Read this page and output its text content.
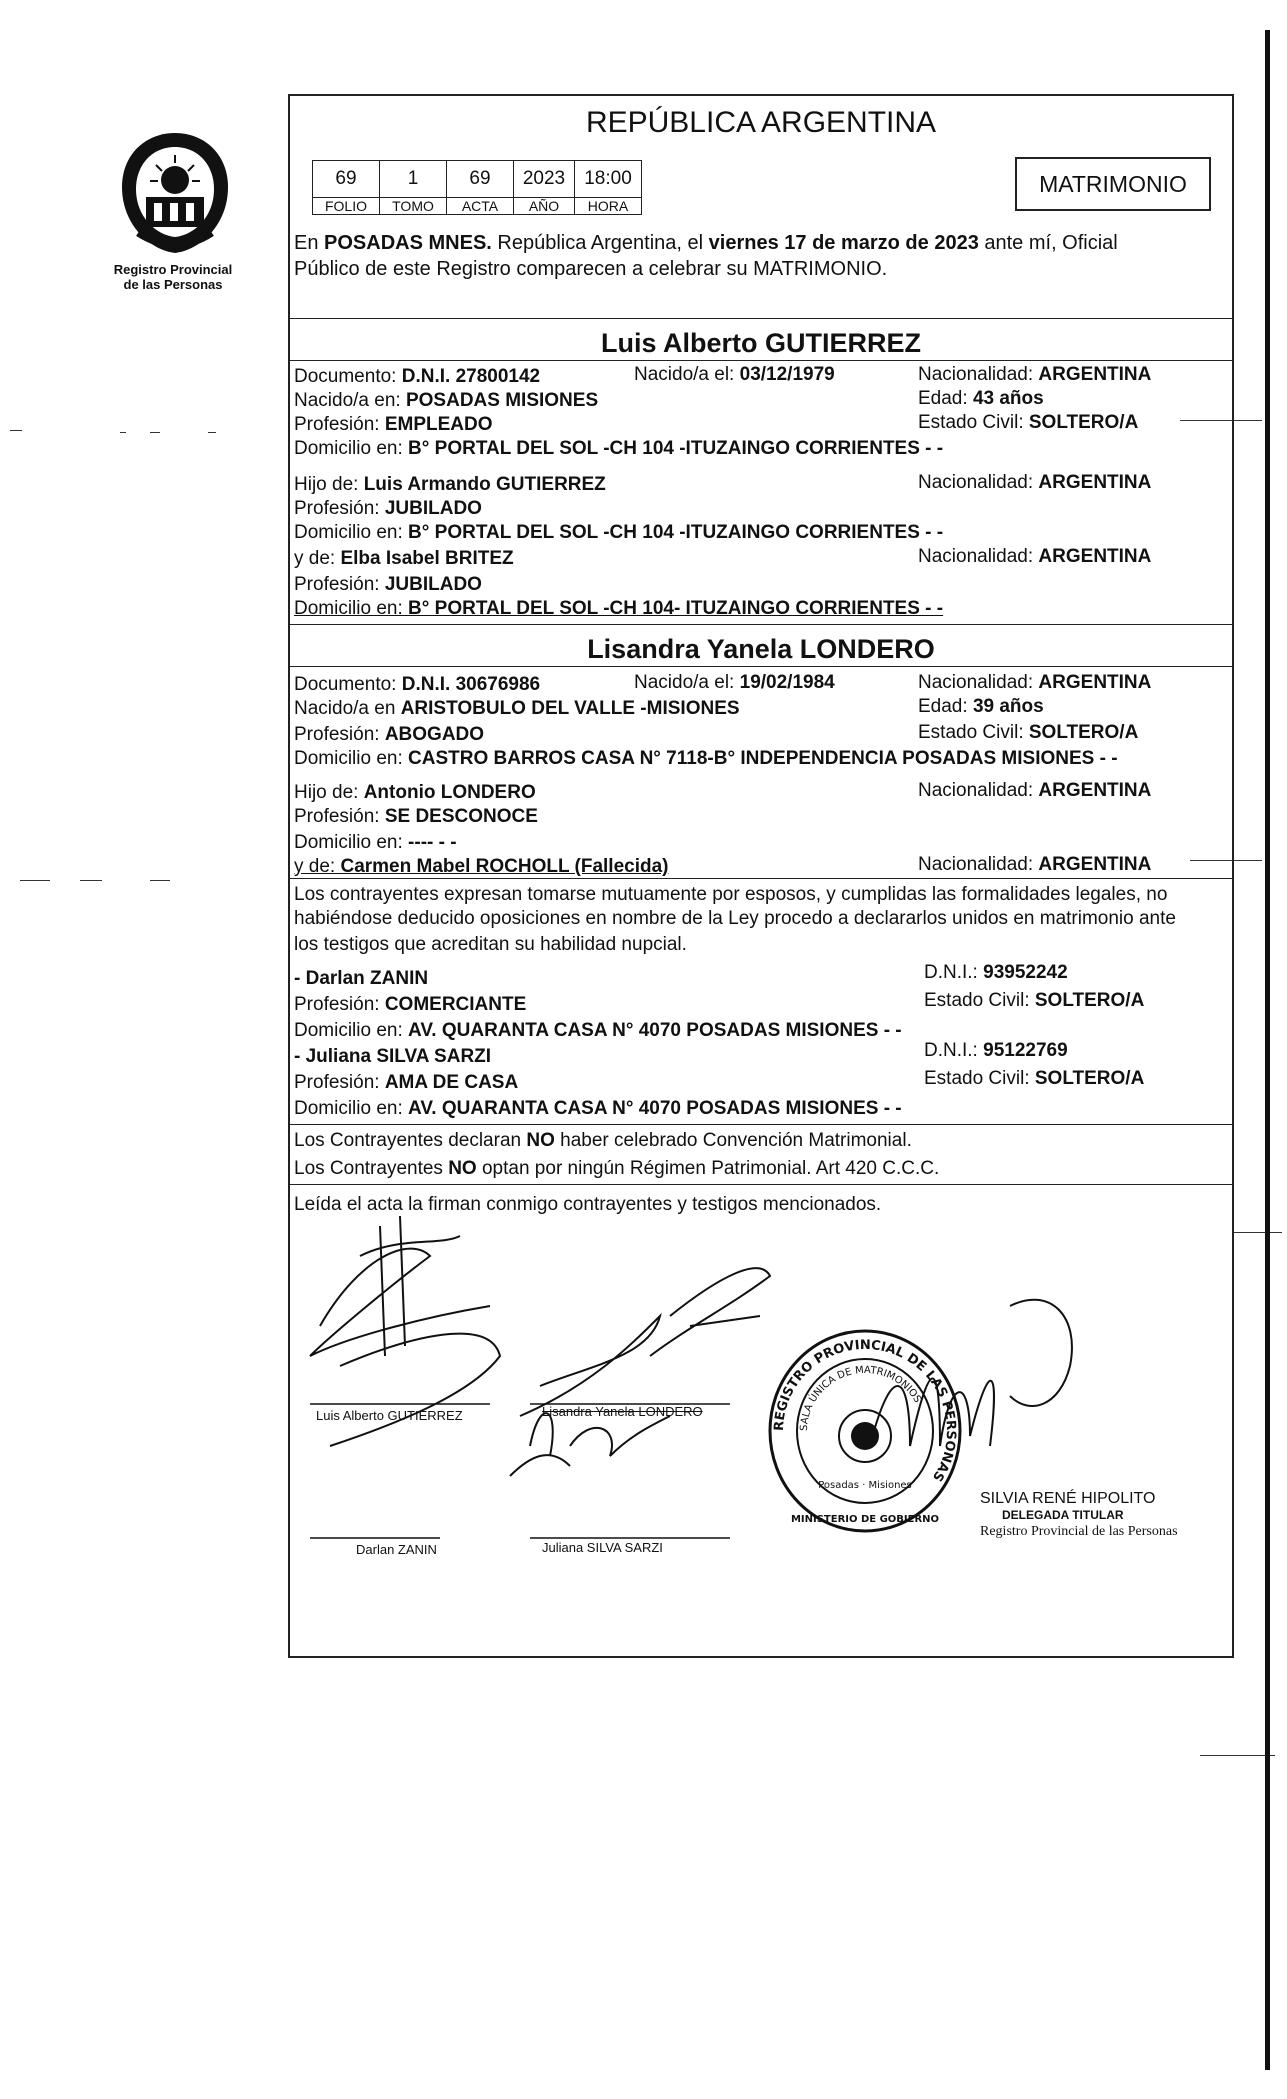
Registro Provincial
de las Personas
REPÚBLICA ARGENTINA
69	1	69	2023	18:00
FOLIO	TOMO	ACTA	AÑO	HORA
MATRIMONIO
En POSADAS MNES. República Argentina, el viernes 17 de marzo de 2023 ante mí, Oficial
Público de este Registro comparecen a celebrar su MATRIMONIO.
Luis Alberto GUTIERREZ
Documento: D.N.I. 27800142	Nacido/a el: 03/12/1979	Nacionalidad: ARGENTINA
Nacido/a en: POSADAS MISIONES	Edad: 43 años
Profesión: EMPLEADO	Estado Civil: SOLTERO/A
Domicilio en: B° PORTAL DEL SOL -CH 104 -ITUZAINGO CORRIENTES - -
Hijo de: Luis Armando GUTIERREZ	Nacionalidad: ARGENTINA
Profesión: JUBILADO
Domicilio en: B° PORTAL DEL SOL -CH 104 -ITUZAINGO CORRIENTES - -
y de: Elba Isabel BRITEZ	Nacionalidad: ARGENTINA
Profesión: JUBILADO
Domicilio en: B° PORTAL DEL SOL -CH 104- ITUZAINGO CORRIENTES - -
Lisandra Yanela LONDERO
Documento: D.N.I. 30676986	Nacido/a el: 19/02/1984	Nacionalidad: ARGENTINA
Nacido/a en ARISTOBULO DEL VALLE -MISIONES	Edad: 39 años
Profesión: ABOGADO	Estado Civil: SOLTERO/A
Domicilio en: CASTRO BARROS CASA N° 7118-B° INDEPENDENCIA POSADAS MISIONES - -
Hijo de: Antonio LONDERO	Nacionalidad: ARGENTINA
Profesión: SE DESCONOCE
Domicilio en: ---- - -
y de: Carmen Mabel ROCHOLL (Fallecida)	Nacionalidad: ARGENTINA
Los contrayentes expresan tomarse mutuamente por esposos, y cumplidas las formalidades legales, no
habiéndose deducido oposiciones en nombre de la Ley procedo a declararlos unidos en matrimonio ante
los testigos que acreditan su habilidad nupcial.
- Darlan ZANIN	D.N.I.: 93952242
Profesión: COMERCIANTE	Estado Civil: SOLTERO/A
Domicilio en: AV. QUARANTA CASA N° 4070 POSADAS MISIONES - -
- Juliana SILVA SARZI	D.N.I.: 95122769
Profesión: AMA DE CASA	Estado Civil: SOLTERO/A
Domicilio en: AV. QUARANTA CASA N° 4070 POSADAS MISIONES - -
Los Contrayentes declaran NO haber celebrado Convención Matrimonial.
Los Contrayentes NO optan por ningún Régimen Patrimonial. Art 420 C.C.C.
Leída el acta la firman conmigo contrayentes y testigos mencionados.
Luis Alberto GUTIERREZ	Lisandra Yanela LONDERO
Darlan ZANIN	Juliana SILVA SARZI
REGISTRO PROVINCIAL DE LAS PERSONAS
SALA ÚNICA DE MATRIMONIOS
Posadas · Misiones
MINISTERIO DE GOBIERNO
SILVIA RENÉ HIPOLITO
DELEGADA TITULAR
Registro Provincial de las Personas
